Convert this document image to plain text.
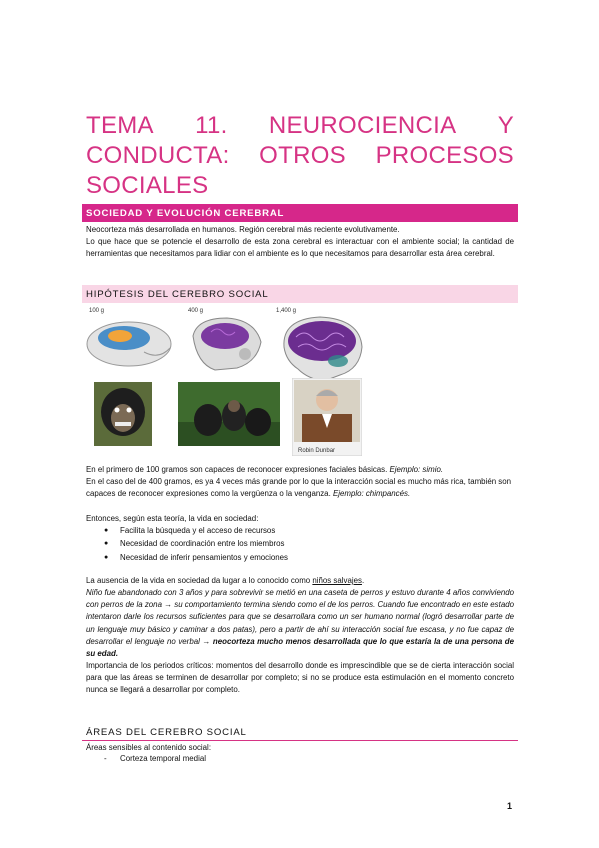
TEMA 11. NEUROCIENCIA Y
CONDUCTA: OTROS PROCESOS
SOCIALES
SOCIEDAD Y EVOLUCIÓN CEREBRAL
Neocorteza más desarrollada en humanos. Región cerebral más reciente evolutivamente.
Lo que hace que se potencie el desarrollo de esta zona cerebral es interactuar con el ambiente social; la cantidad de herramientas que necesitamos para lidiar con el ambiente es lo que necesitamos para desarrollar esta área cerebral.
HIPÓTESIS DEL CEREBRO SOCIAL
100 g	400 g	1,400 g
Robin Dunbar
En el primero de 100 gramos son capaces de reconocer expresiones faciales básicas. Ejemplo: simio.
En el caso del de 400 gramos, es ya 4 veces más grande por lo que la interacción social es mucho más rica, también son capaces de reconocer expresiones como la vergüenza o la venganza. Ejemplo: chimpancés.
Entonces, según esta teoría, la vida en sociedad:
●	Facilita la búsqueda y el acceso de recursos
●	Necesidad de coordinación entre los miembros
●	Necesidad de inferir pensamientos y emociones
La ausencia de la vida en sociedad da lugar a lo conocido como niños salvajes.
Niño fue abandonado con 3 años y para sobrevivir se metió en una caseta de perros y estuvo durante 4 años conviviendo con perros de la zona → su comportamiento termina siendo como el de los perros. Cuando fue encontrado en este estado intentaron darle los recursos suficientes para que se desarrollara como un ser humano normal (logró desarrollar parte de un lenguaje muy básico y caminar a dos patas), pero a partir de ahí su interacción social fue escasa, y no fue capaz de desarrollar el lenguaje no verbal → neocorteza mucho menos desarrollada que lo que estaría la de una persona de su edad.
Importancia de los periodos críticos: momentos del desarrollo donde es imprescindible que se de cierta interacción social para que las áreas se terminen de desarrollar por completo; si no se produce esta estimulación en el momento concreto nunca se llegará a desarrollar por completo.
ÁREAS DEL CEREBRO SOCIAL
Áreas sensibles al contenido social:
-	Corteza temporal medial
1
